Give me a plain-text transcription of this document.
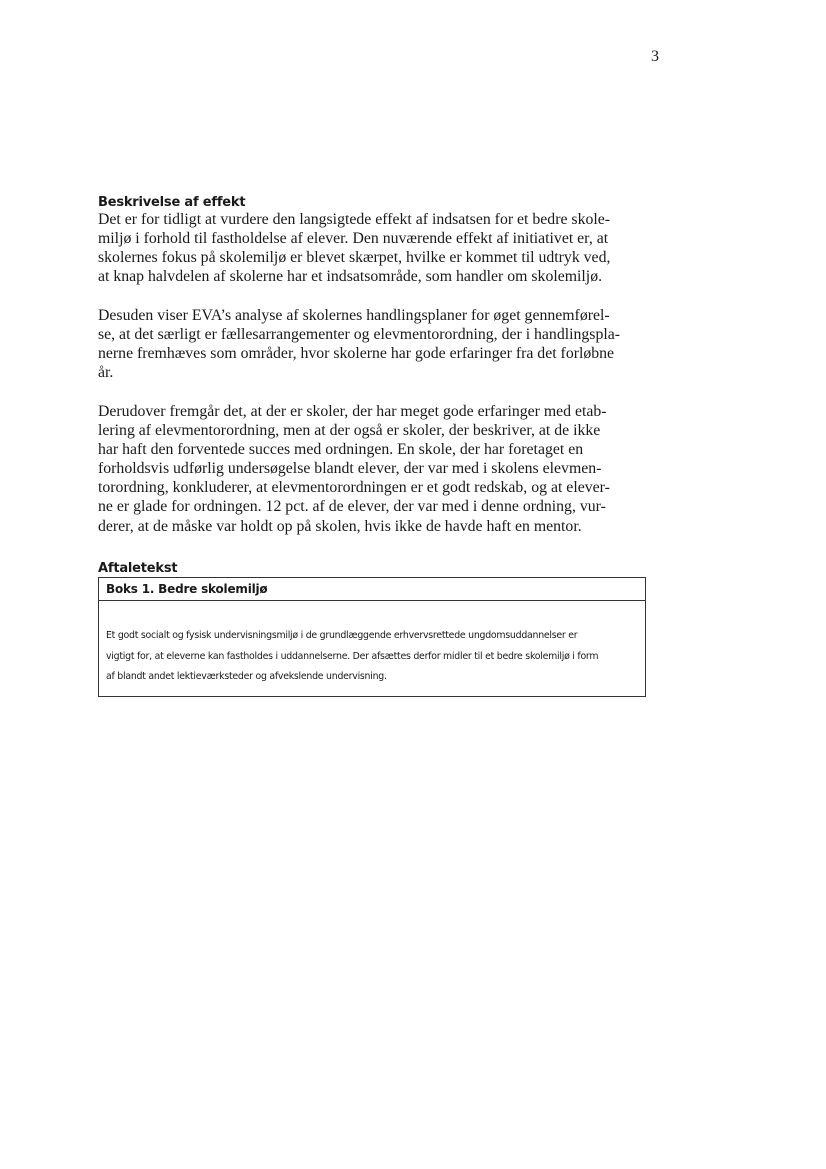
3
Beskrivelse af effekt

Det er for tidligt at vurdere den langsigtede effekt af indsatsen for et bedre skole-
miljø i forhold til fastholdelse af elever. Den nuværende effekt af initiativet er, at
skolernes fokus på skolemiljø er blevet skærpet, hvilke er kommet til udtryk ved,
at knap halvdelen af skolerne har et indsatsområde, som handler om skolemiljø.

Desuden viser EVA’s analyse af skolernes handlingsplaner for øget gennemførel-
se, at det særligt er fællesarrangementer og elevmentorordning, der i handlingspla-
nerne fremhæves som områder, hvor skolerne har gode erfaringer fra det forløbne
år.

Derudover fremgår det, at der er skoler, der har meget gode erfaringer med etab-
lering af elevmentorordning, men at der også er skoler, der beskriver, at de ikke
har haft den forventede succes med ordningen. En skole, der har foretaget en
forholdsvis udførlig undersøgelse blandt elever, der var med i skolens elevmen-
torordning, konkluderer, at elevmentorordningen er et godt redskab, og at elever-
ne er glade for ordningen. 12 pct. af de elever, der var med i denne ordning, vur-
derer, at de måske var holdt op på skolen, hvis ikke de havde haft en mentor.

Aftaletekst
Boks 1. Bedre skolemiljø

Et godt socialt og fysisk undervisningsmiljø i de grundlæggende erhvervsrettede ungdomsuddannelser er
vigtigt for, at eleverne kan fastholdes i uddannelserne. Der afsættes derfor midler til et bedre skolemiljø i form
af blandt andet lektieværksteder og afvekslende undervisning.
